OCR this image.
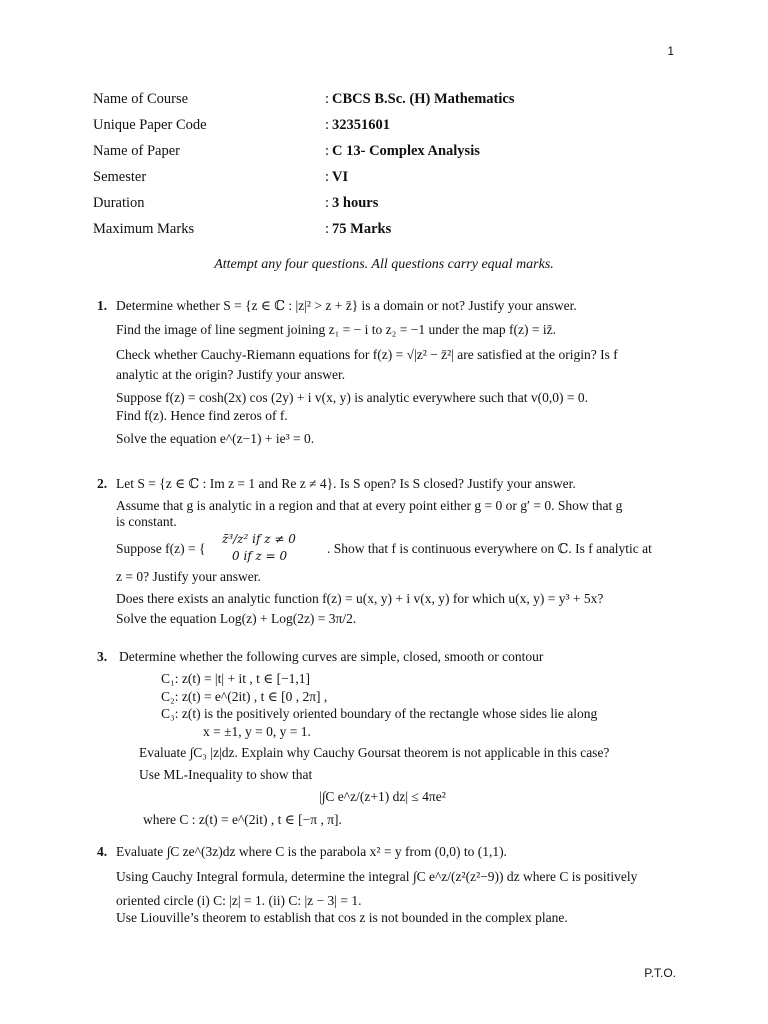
1
Name of Course	: CBCS B.Sc. (H) Mathematics
Unique Paper Code	: 32351601
Name of Paper	: C 13- Complex Analysis
Semester	: VI
Duration	: 3 hours
Maximum Marks	: 75 Marks
Attempt any four questions. All questions carry equal marks.
1. Determine whether S = {z ∈ ℂ : |z|² > z + z̄} is a domain or not? Justify your answer.
Find the image of line segment joining z₁ = − i to z₂ = −1 under the map f(z) = iz̄.
Check whether Cauchy-Riemann equations for f(z) = √|z² − z̄²| are satisfied at the origin? Is f
analytic at the origin? Justify your answer.
Suppose f(z) = cosh(2x) cos (2y) + i v(x, y) is analytic everywhere such that v(0,0) = 0.
Find f(z). Hence find zeros of f.
Solve the equation e^(z−1) + ie³ = 0.
2. Let S = {z ∈ ℂ : Im z = 1 and Re z ≠ 4}. Is S open? Is S closed? Justify your answer.
Assume that g is analytic in a region and that at every point either g = 0 or g′ = 0. Show that g
is constant.
Suppose f(z) = {
z̄³/z² if z ≠ 0
0 if z = 0	. Show that f is continuous everywhere on ℂ. Is f analytic at
z = 0? Justify your answer.
Does there exists an analytic function f(z) = u(x, y) + i v(x, y) for which u(x, y) = y³ + 5x?
Solve the equation Log(z) + Log(2z) = 3π/2.
3. Determine whether the following curves are simple, closed, smooth or contour
C₁: z(t) = |t| + it , t ∈ [−1,1]
C₂: z(t) = e^(2it) , t ∈ [0 , 2π] ,
C₃: z(t) is the positively oriented boundary of the rectangle whose sides lie along
x = ±1, y = 0, y = 1.
Evaluate ∫C₃ |z|dz. Explain why Cauchy Goursat theorem is not applicable in this case?
Use ML-Inequality to show that
|∫C e^z/(z+1) dz| ≤ 4πe²
where C : z(t) = e^(2it) , t ∈ [−π , π].
4. Evaluate ∫C ze^(3z)dz where C is the parabola x² = y from (0,0) to (1,1).
Using Cauchy Integral formula, determine the integral ∫C e^z/(z²(z²−9)) dz where C is positively
oriented circle (i) C: |z| = 1. (ii) C: |z − 3| = 1.
Use Liouville’s theorem to establish that cos z is not bounded in the complex plane.
P.T.O.
